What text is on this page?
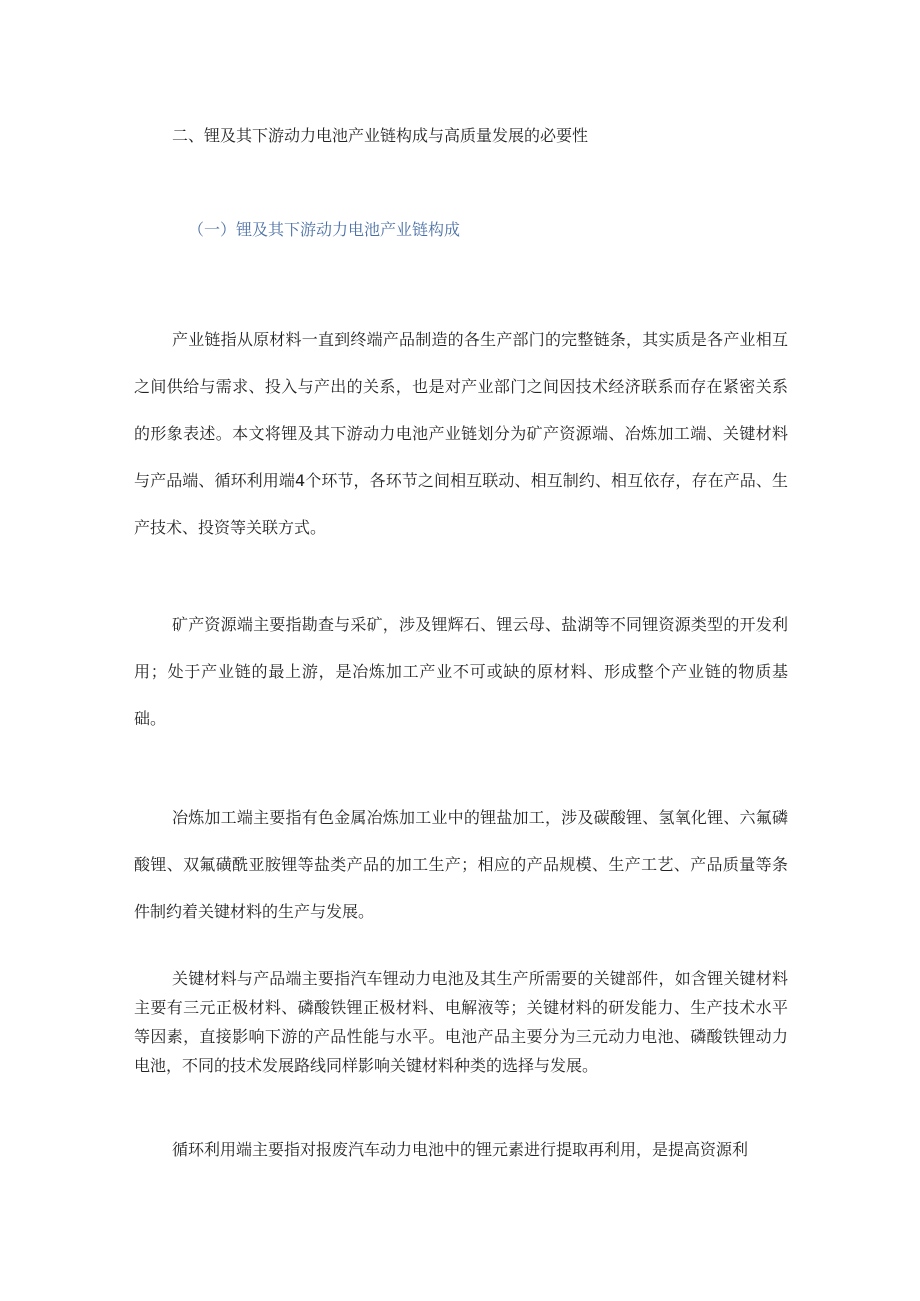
二、锂及其下游动力电池产业链构成与高质量发展的必要性
（一）锂及其下游动力电池产业链构成

产业链指从原材料一直到终端产品制造的各生产部门的完整链条，其实质是各产业相互之间供给与需求、投入与产出的关系，也是对产业部门之间因技术经济联系而存在紧密关系的形象表述。本文将锂及其下游动力电池产业链划分为矿产资源端、冶炼加工端、关键材料与产品端、循环利用端4个环节，各环节之间相互联动、相互制约、相互依存，存在产品、生产技术、投资等关联方式。

矿产资源端主要指勘查与采矿，涉及锂辉石、锂云母、盐湖等不同锂资源类型的开发利用；处于产业链的最上游，是冶炼加工产业不可或缺的原材料、形成整个产业链的物质基础。

冶炼加工端主要指有色金属冶炼加工业中的锂盐加工，涉及碳酸锂、氢氧化锂、六氟磷酸锂、双氟磺酰亚胺锂等盐类产品的加工生产；相应的产品规模、生产工艺、产品质量等条件制约着关键材料的生产与发展。

关键材料与产品端主要指汽车锂动力电池及其生产所需要的关键部件，如含锂关键材料主要有三元正极材料、磷酸铁锂正极材料、电解液等；关键材料的研发能力、生产技术水平等因素，直接影响下游的产品性能与水平。电池产品主要分为三元动力电池、磷酸铁锂动力电池，不同的技术发展路线同样影响关键材料种类的选择与发展。

循环利用端主要指对报废汽车动力电池中的锂元素进行提取再利用，是提高资源利
